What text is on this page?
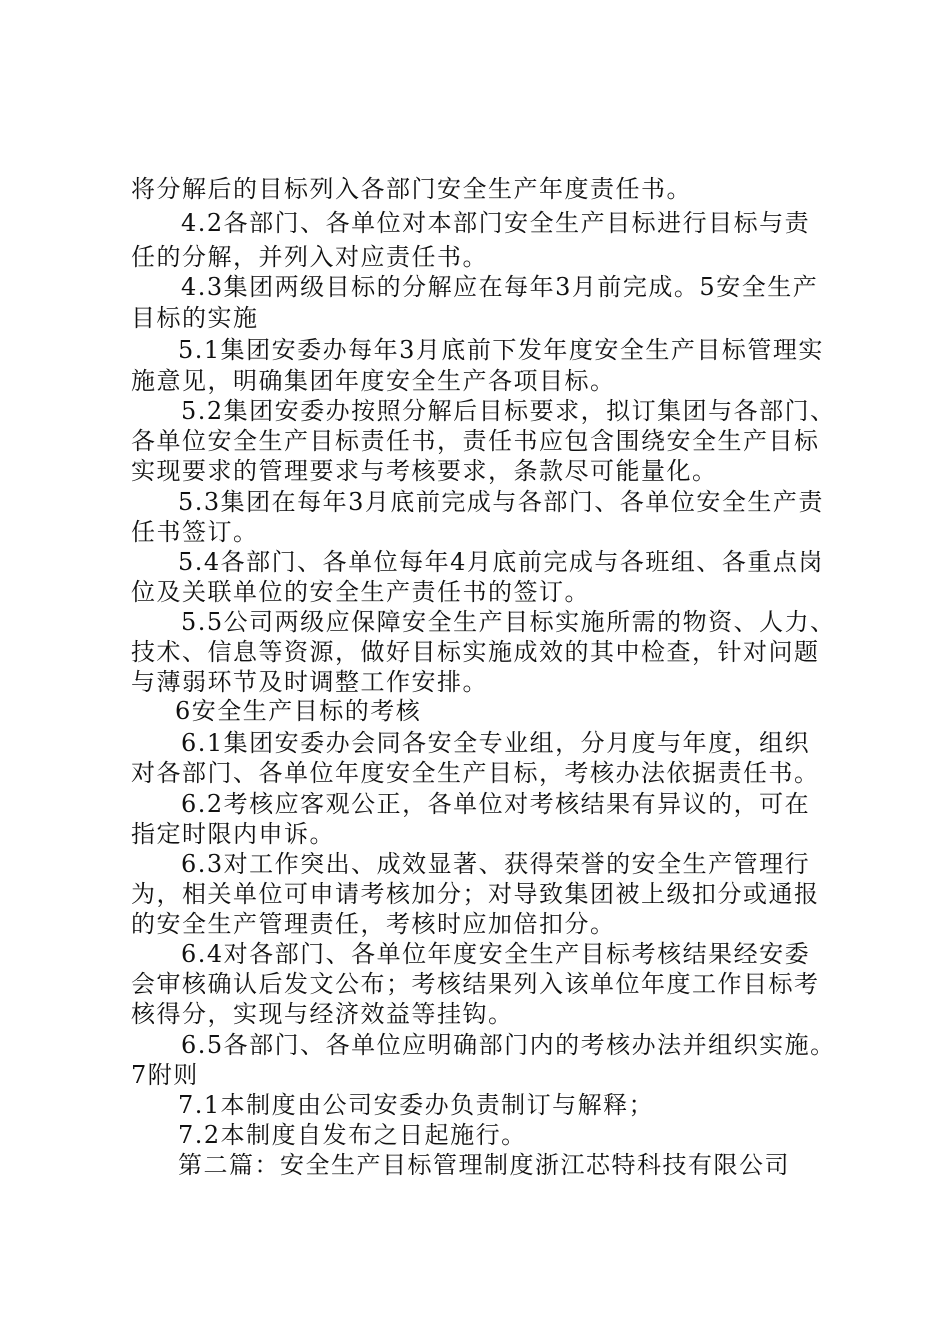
将分解后的目标列入各部门安全生产年度责任书。
4.2各部门、各单位对本部门安全生产目标进行目标与责
任的分解，并列入对应责任书。
4.3集团两级目标的分解应在每年3月前完成。5安全生产
目标的实施
5.1集团安委办每年3月底前下发年度安全生产目标管理实
施意见，明确集团年度安全生产各项目标。
5.2集团安委办按照分解后目标要求，拟订集团与各部门、
各单位安全生产目标责任书，责任书应包含围绕安全生产目标
实现要求的管理要求与考核要求，条款尽可能量化。
5.3集团在每年3月底前完成与各部门、各单位安全生产责
任书签订。
5.4各部门、各单位每年4月底前完成与各班组、各重点岗
位及关联单位的安全生产责任书的签订。
5.5公司两级应保障安全生产目标实施所需的物资、人力、
技术、信息等资源，做好目标实施成效的其中检查，针对问题
与薄弱环节及时调整工作安排。
6安全生产目标的考核
6.1集团安委办会同各安全专业组，分月度与年度，组织
对各部门、各单位年度安全生产目标，考核办法依据责任书。
6.2考核应客观公正，各单位对考核结果有异议的，可在
指定时限内申诉。
6.3对工作突出、成效显著、获得荣誉的安全生产管理行
为，相关单位可申请考核加分；对导致集团被上级扣分或通报
的安全生产管理责任，考核时应加倍扣分。
6.4对各部门、各单位年度安全生产目标考核结果经安委
会审核确认后发文公布；考核结果列入该单位年度工作目标考
核得分，实现与经济效益等挂钩。
6.5各部门、各单位应明确部门内的考核办法并组织实施。
7附则
7.1本制度由公司安委办负责制订与解释；
7.2本制度自发布之日起施行。
第二篇：安全生产目标管理制度浙江芯特科技有限公司
